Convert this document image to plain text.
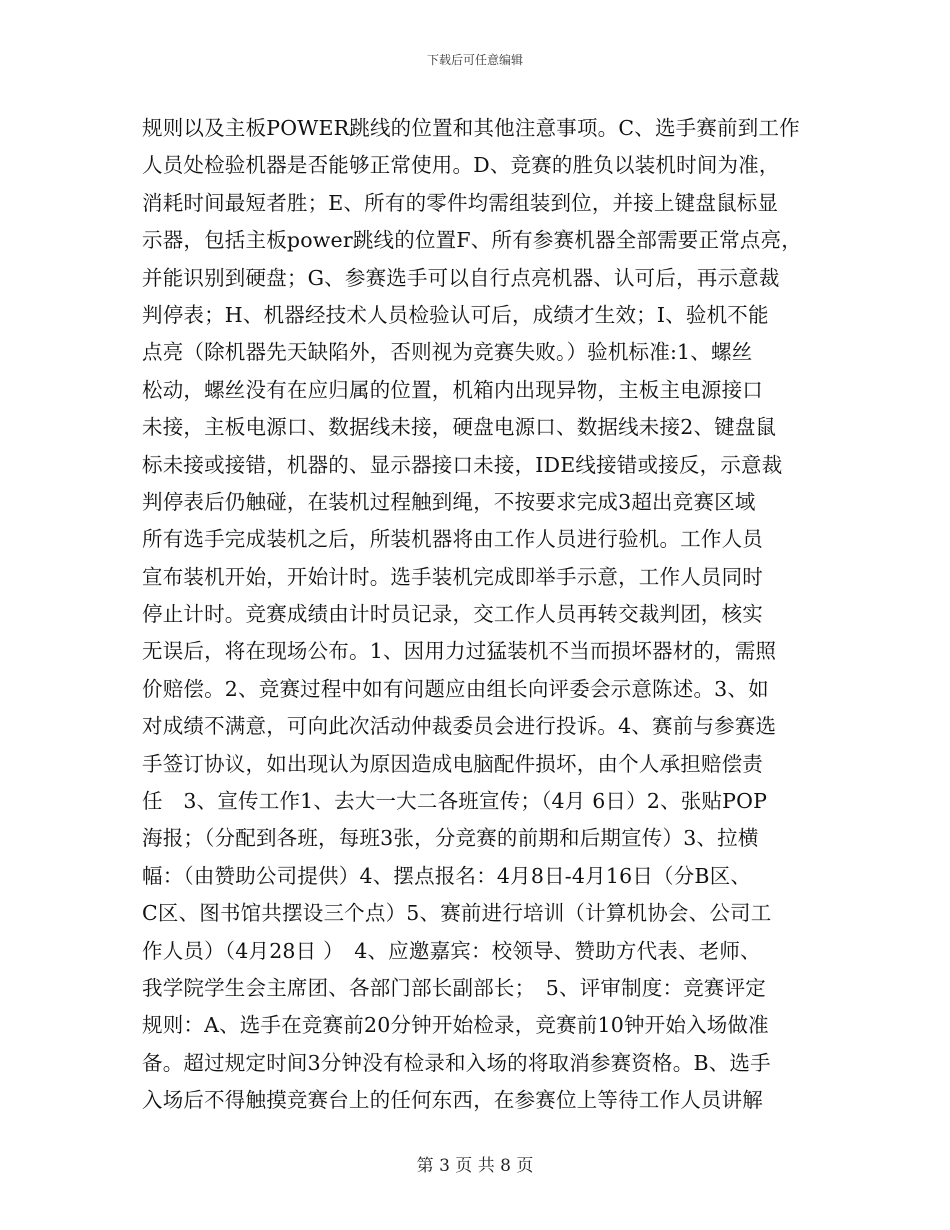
下载后可任意编辑
规则以及主板POWER跳线的位置和其他注意事项。C、选手赛前到工作
人员处检验机器是否能够正常使用。D、竞赛的胜负以装机时间为准，
消耗时间最短者胜；E、所有的零件均需组装到位，并接上键盘鼠标显
示器，包括主板power跳线的位置F、所有参赛机器全部需要正常点亮，
并能识别到硬盘；G、参赛选手可以自行点亮机器、认可后，再示意裁
判停表；H、机器经技术人员检验认可后，成绩才生效；I、验机不能
点亮（除机器先天缺陷外，否则视为竞赛失败。）验机标准:1、螺丝
松动，螺丝没有在应归属的位置，机箱内出现异物，主板主电源接口
未接，主板电源口、数据线未接，硬盘电源口、数据线未接2、键盘鼠
标未接或接错，机器的、显示器接口未接，IDE线接错或接反，示意裁
判停表后仍触碰，在装机过程触到绳，不按要求完成3超出竞赛区域
所有选手完成装机之后，所装机器将由工作人员进行验机。工作人员
宣布装机开始，开始计时。选手装机完成即举手示意，工作人员同时
停止计时。竞赛成绩由计时员记录，交工作人员再转交裁判团，核实
无误后，将在现场公布。1、因用力过猛装机不当而损坏器材的，需照
价赔偿。2、竞赛过程中如有问题应由组长向评委会示意陈述。3、如
对成绩不满意，可向此次活动仲裁委员会进行投诉。4、赛前与参赛选
手签订协议，如出现认为原因造成电脑配件损坏，由个人承担赔偿责
任　3、宣传工作1、去大一大二各班宣传；（4月 6日）2、张贴POP
海报；（分配到各班，每班3张，分竞赛的前期和后期宣传）3、拉横
幅：（由赞助公司提供）4、摆点报名：4月8日-4月16日（分B区、
C区、图书馆共摆设三个点）5、赛前进行培训（计算机协会、公司工
作人员）（4月28日 ）　4、应邀嘉宾：校领导、赞助方代表、老师、
我学院学生会主席团、各部门部长副部长；　5、评审制度：竞赛评定
规则：A、选手在竞赛前20分钟开始检录，竞赛前10钟开始入场做准
备。超过规定时间3分钟没有检录和入场的将取消参赛资格。B、选手
入场后不得触摸竞赛台上的任何东西，在参赛位上等待工作人员讲解
第 3 页 共 8 页
